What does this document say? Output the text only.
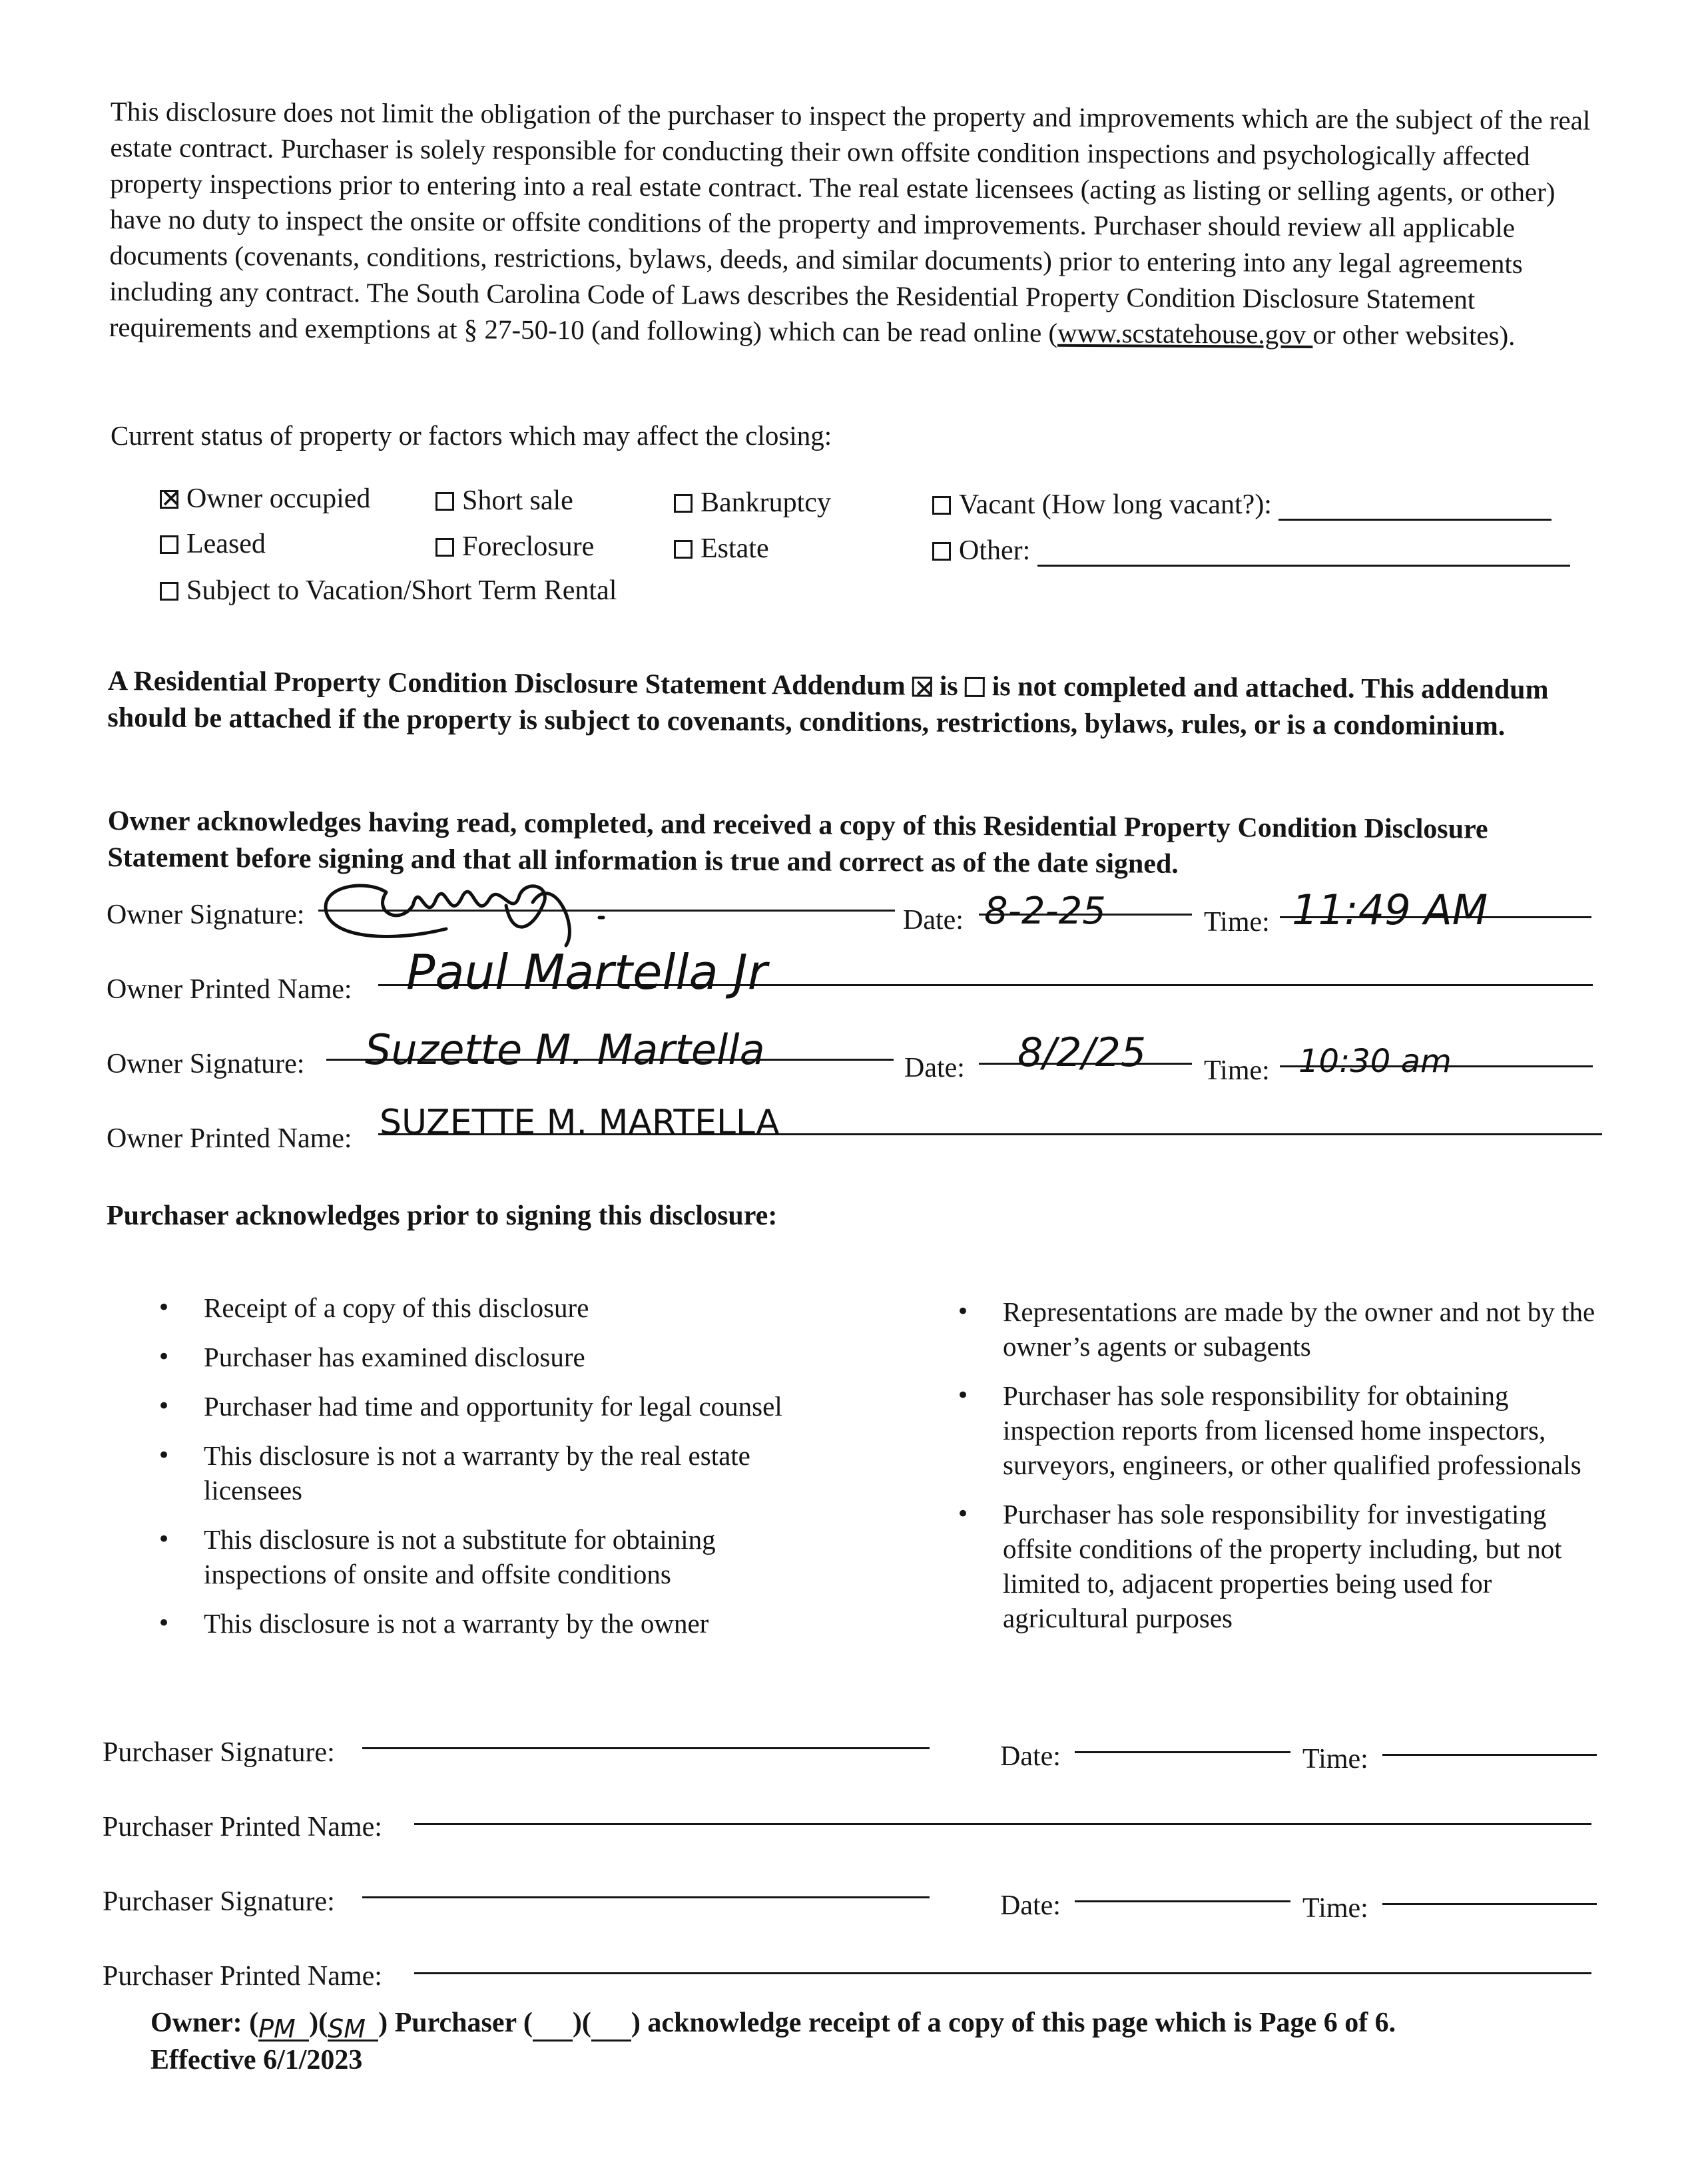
This disclosure does not limit the obligation of the purchaser to inspect the property and improvements which are the subject of the real estate contract. Purchaser is solely responsible for conducting their own offsite condition inspections and psychologically affected property inspections prior to entering into a real estate contract. The real estate licensees (acting as listing or selling agents, or other) have no duty to inspect the onsite or offsite conditions of the property and improvements. Purchaser should review all applicable documents (covenants, conditions, restrictions, bylaws, deeds, and similar documents) prior to entering into any legal agreements including any contract. The South Carolina Code of Laws describes the Residential Property Condition Disclosure Statement requirements and exemptions at § 27-50-10 (and following) which can be read online (www.scstatehouse.gov or other websites).
Current status of property or factors which may affect the closing:
✕Owner occupied	Short sale	Bankruptcy	Vacant (How long vacant?):
Leased	Foreclosure	Estate	Other:
Subject to Vacation/Short Term Rental
A Residential Property Condition Disclosure Statement Addendum ✕ is is not completed and attached. This addendum should be attached if the property is subject to covenants, conditions, restrictions, bylaws, rules, or is a condominium.
Owner acknowledges having read, completed, and received a copy of this Residential Property Condition Disclosure Statement before signing and that all information is true and correct as of the date signed.
Owner Signature:	Date: 8-2-25	Time: 11:49 AM
Owner Printed Name: Paul Martella Jr
Owner Signature: Suzette M. Martella	Date: 8/2/25 Time: 10:30 am
Owner Printed Name: SUZETTE M. MARTELLA
Purchaser acknowledges prior to signing this disclosure:
• Receipt of a copy of this disclosure
• Purchaser has examined disclosure
• Purchaser had time and opportunity for legal counsel
• This disclosure is not a warranty by the real estate licensees
• This disclosure is not a substitute for obtaining inspections of onsite and offsite conditions
• This disclosure is not a warranty by the owner
• Representations are made by the owner and not by the owner’s agents or subagents
• Purchaser has sole responsibility for obtaining inspection reports from licensed home inspectors, surveyors, engineers, or other qualified professionals
• Purchaser has sole responsibility for investigating offsite conditions of the property including, but not limited to, adjacent properties being used for agricultural purposes
Purchaser Signature:	Date:	Time:
Purchaser Printed Name:
Purchaser Signature:	Date:	Time:
Purchaser Printed Name:
Owner: (PM )(SM ) Purchaser ( )( ) acknowledge receipt of a copy of this page which is Page 6 of 6.
Effective 6/1/2023
